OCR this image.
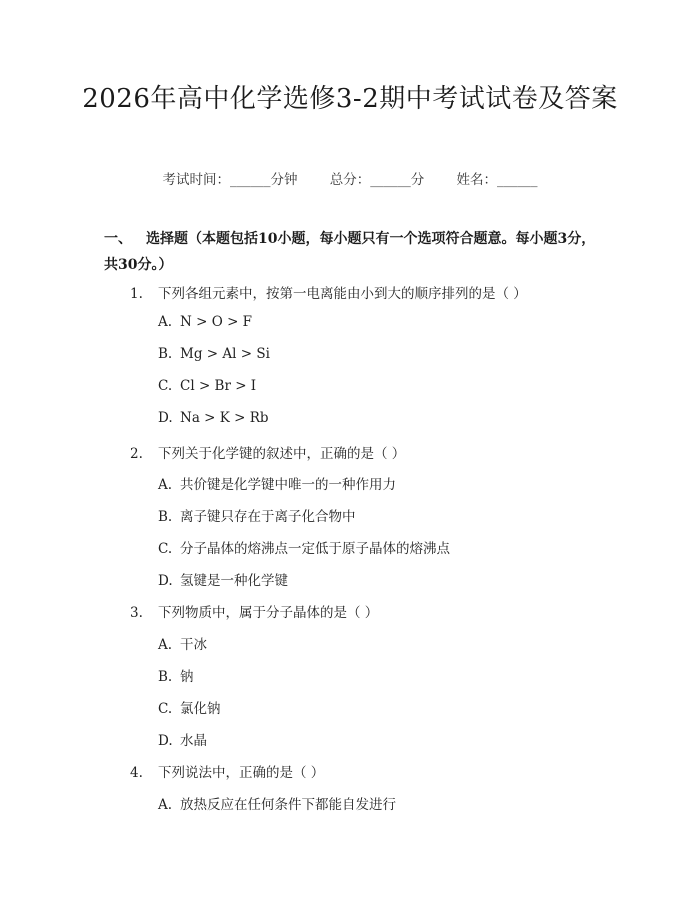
2026年高中化学选修3-2期中考试试卷及答案
考试时间：______分钟 总分：______分 姓名：______
一、 选择题（本题包括10小题，每小题只有一个选项符合题意。每小题3分，共30分。）
1. 下列各组元素中，按第一电离能由小到大的顺序排列的是（ ）
A. N > O > F
B. Mg > Al > Si
C. Cl > Br > I
D. Na > K > Rb
2. 下列关于化学键的叙述中，正确的是（ ）
A. 共价键是化学键中唯一的一种作用力
B. 离子键只存在于离子化合物中
C. 分子晶体的熔沸点一定低于原子晶体的熔沸点
D. 氢键是一种化学键
3. 下列物质中，属于分子晶体的是（ ）
A. 干冰
B. 钠
C. 氯化钠
D. 水晶
4. 下列说法中，正确的是（ ）
A. 放热反应在任何条件下都能自发进行
